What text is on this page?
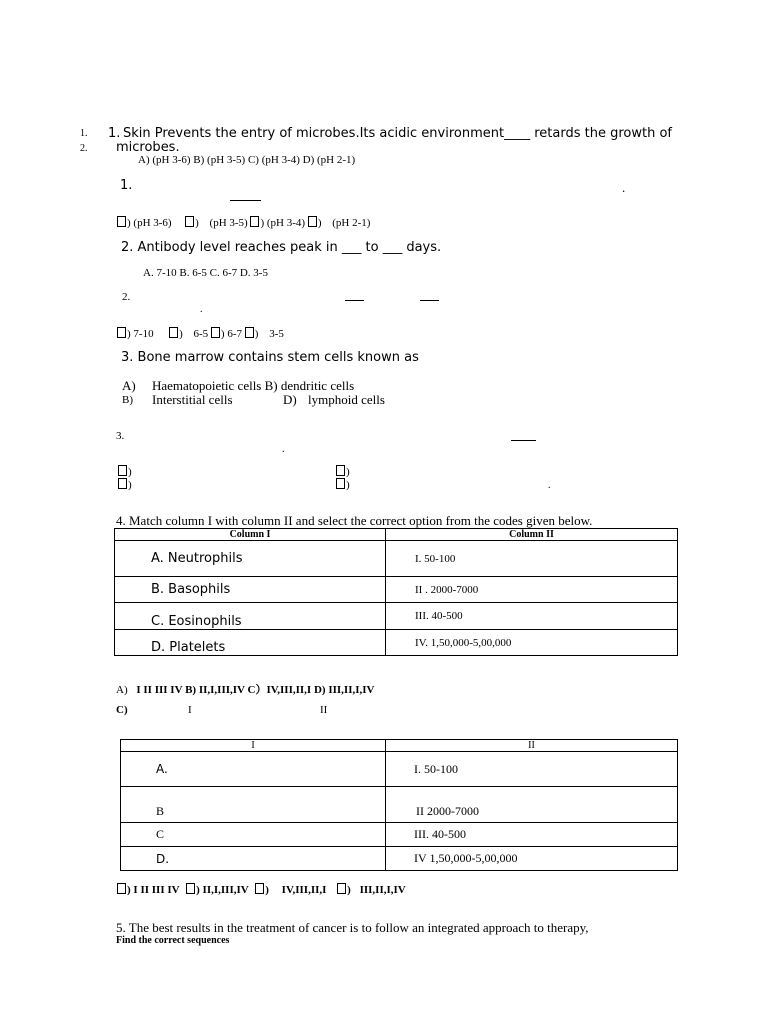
1.
2.
1. Skin Prevents the entry of microbes.Its acidic environment____ retards the growth of
microbes.
A) (pH 3-6) B) (pH 3-5) C) (pH 3-4) D) (pH 2-1)
1.	.
) (pH 3-6) ) (pH 3-5) ) (pH 3-4) ) (pH 2-1)
2. Antibody level reaches peak in ___ to ___ days.
A. 7-10 B. 6-5 C. 6-7 D. 3-5
2.
.
) 7-10 ) 6-5 ) 6-7 ) 3-5
3. Bone marrow contains stem cells known as
A) Haematopoietic cells B) dendritic cells
B) Interstitial cells	D) lymphoid cells
3.
.
)
)
)
)	.
4. Match column I with column II and select the correct option from the codes given below.
Column I	Column II
A. Neutrophils	I. 50-100
B. Basophils	II . 2000-7000
C. Eosinophils	III. 40-500
D. Platelets	IV. 1,50,000-5,00,000
A) I II III IV B) II,I,III,IV C）IV,III,II,I D) III,II,I,IV
C)	I	II
I	II
A.	I. 50-100
B	II 2000-7000
C	III. 40-500
D.	IV 1,50,000-5,00,000
) I II III IV ) II,I,III,IV ) IV,III,II,I ) III,II,I,IV
5. The best results in the treatment of cancer is to follow an integrated approach to therapy,
Find the correct sequences
